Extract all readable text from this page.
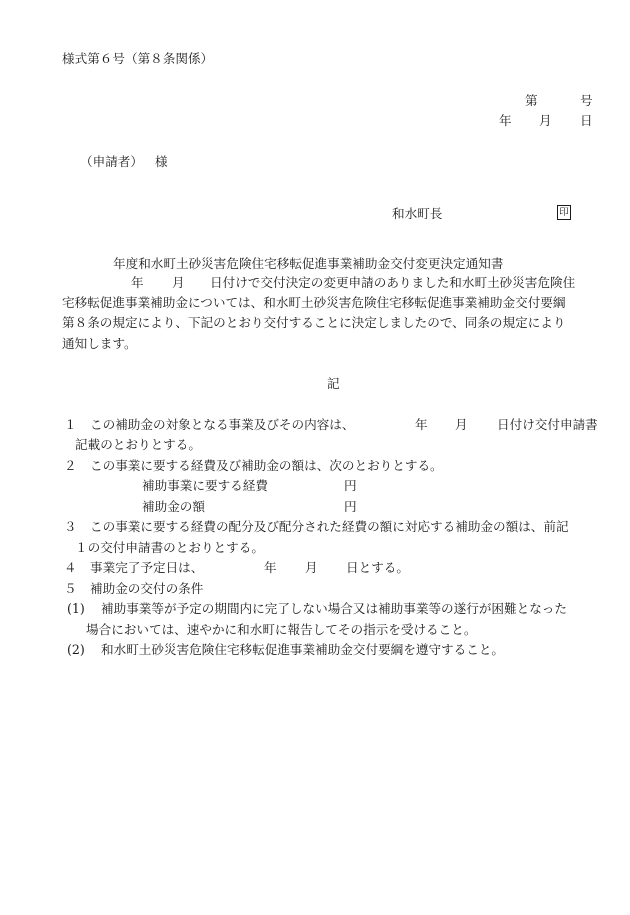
様式第６号（第８条関係）
第	号
年 月 日
（申請者） 様
和水町長	印
年度和水町土砂災害危険住宅移転促進事業補助金交付変更決定通知書
年 月 日付けで交付決定の変更申請のありました和水町土砂災害危険住
宅移転促進事業補助金については、和水町土砂災害危険住宅移転促進事業補助金交付要綱
第８条の規定により、下記のとおり交付することに決定しましたので、同条の規定により
通知します。
記
１ この補助金の対象となる事業及びその内容は、	年 月 日付け交付申請書
記載のとおりとする。
２ この事業に要する経費及び補助金の額は、次のとおりとする。
補助事業に要する経費	円
補助金の額	円
３ この事業に要する経費の配分及び配分された経費の額に対応する補助金の額は、前記
１の交付申請書のとおりとする。
４ 事業完了予定日は、	年 月 日とする。
５ 補助金の交付の条件
(1) 補助事業等が予定の期間内に完了しない場合又は補助事業等の遂行が困難となった
場合においては、速やかに和水町に報告してその指示を受けること。
(2) 和水町土砂災害危険住宅移転促進事業補助金交付要綱を遵守すること。
